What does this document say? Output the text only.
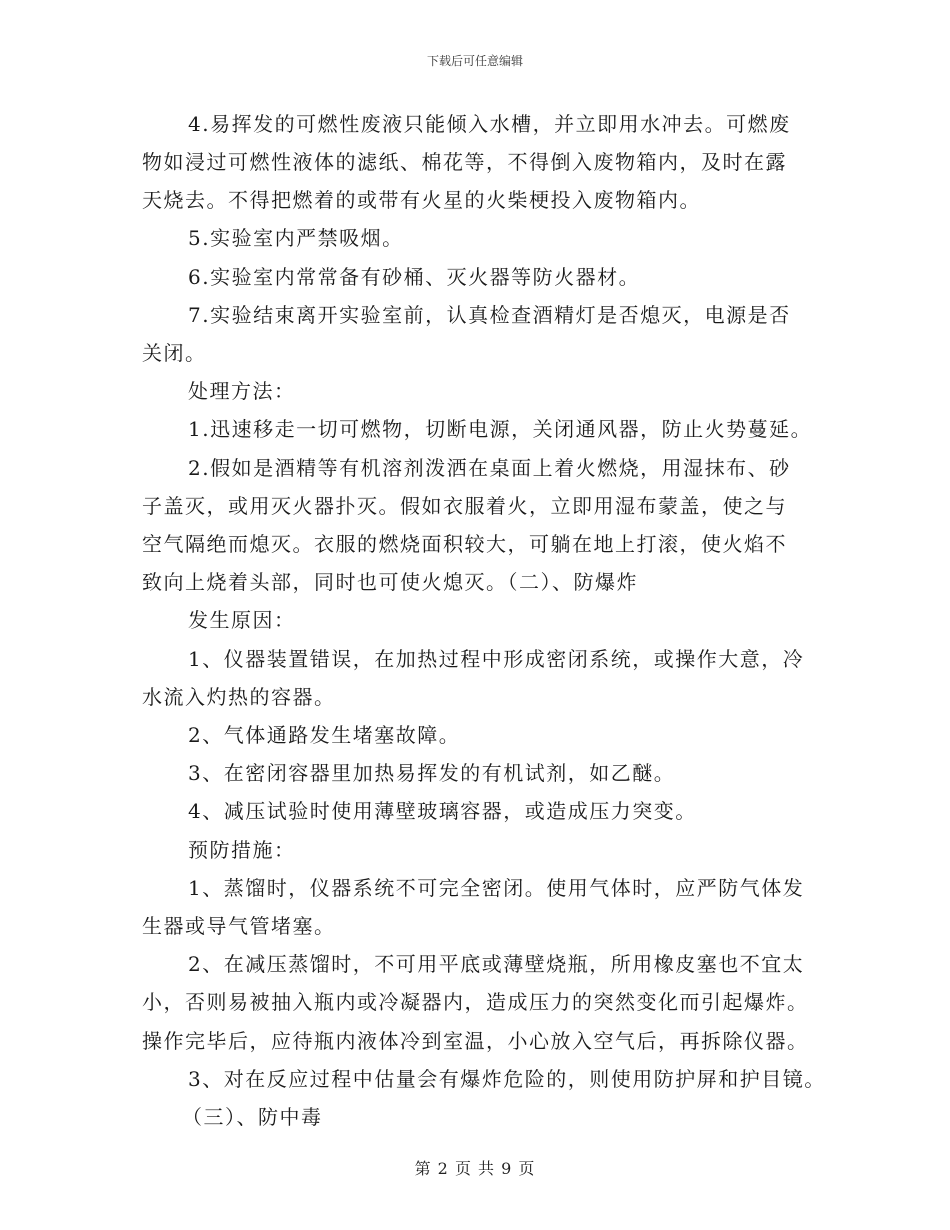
下载后可任意编辑
4.易挥发的可燃性废液只能倾入水槽，并立即用水冲去。可燃废
物如浸过可燃性液体的滤纸、棉花等，不得倒入废物箱内，及时在露
天烧去。不得把燃着的或带有火星的火柴梗投入废物箱内。
5.实验室内严禁吸烟。
6.实验室内常常备有砂桶、灭火器等防火器材。
7.实验结束离开实验室前，认真检查酒精灯是否熄灭，电源是否
关闭。
处理方法：
1.迅速移走一切可燃物，切断电源，关闭通风器，防止火势蔓延。
2.假如是酒精等有机溶剂泼洒在桌面上着火燃烧，用湿抹布、砂
子盖灭，或用灭火器扑灭。假如衣服着火，立即用湿布蒙盖，使之与
空气隔绝而熄灭。衣服的燃烧面积较大，可躺在地上打滚，使火焰不
致向上烧着头部，同时也可使火熄灭。（二）、防爆炸
发生原因：
1、仪器装置错误，在加热过程中形成密闭系统，或操作大意，冷
水流入灼热的容器。
2、气体通路发生堵塞故障。
3、在密闭容器里加热易挥发的有机试剂，如乙醚。
4、减压试验时使用薄壁玻璃容器，或造成压力突变。
预防措施：
1、蒸馏时，仪器系统不可完全密闭。使用气体时，应严防气体发
生器或导气管堵塞。
2、在减压蒸馏时，不可用平底或薄壁烧瓶，所用橡皮塞也不宜太
小，否则易被抽入瓶内或冷凝器内，造成压力的突然变化而引起爆炸。
操作完毕后，应待瓶内液体冷到室温，小心放入空气后，再拆除仪器。
3、对在反应过程中估量会有爆炸危险的，则使用防护屏和护目镜。
（三）、防中毒
第 2 页 共 9 页
